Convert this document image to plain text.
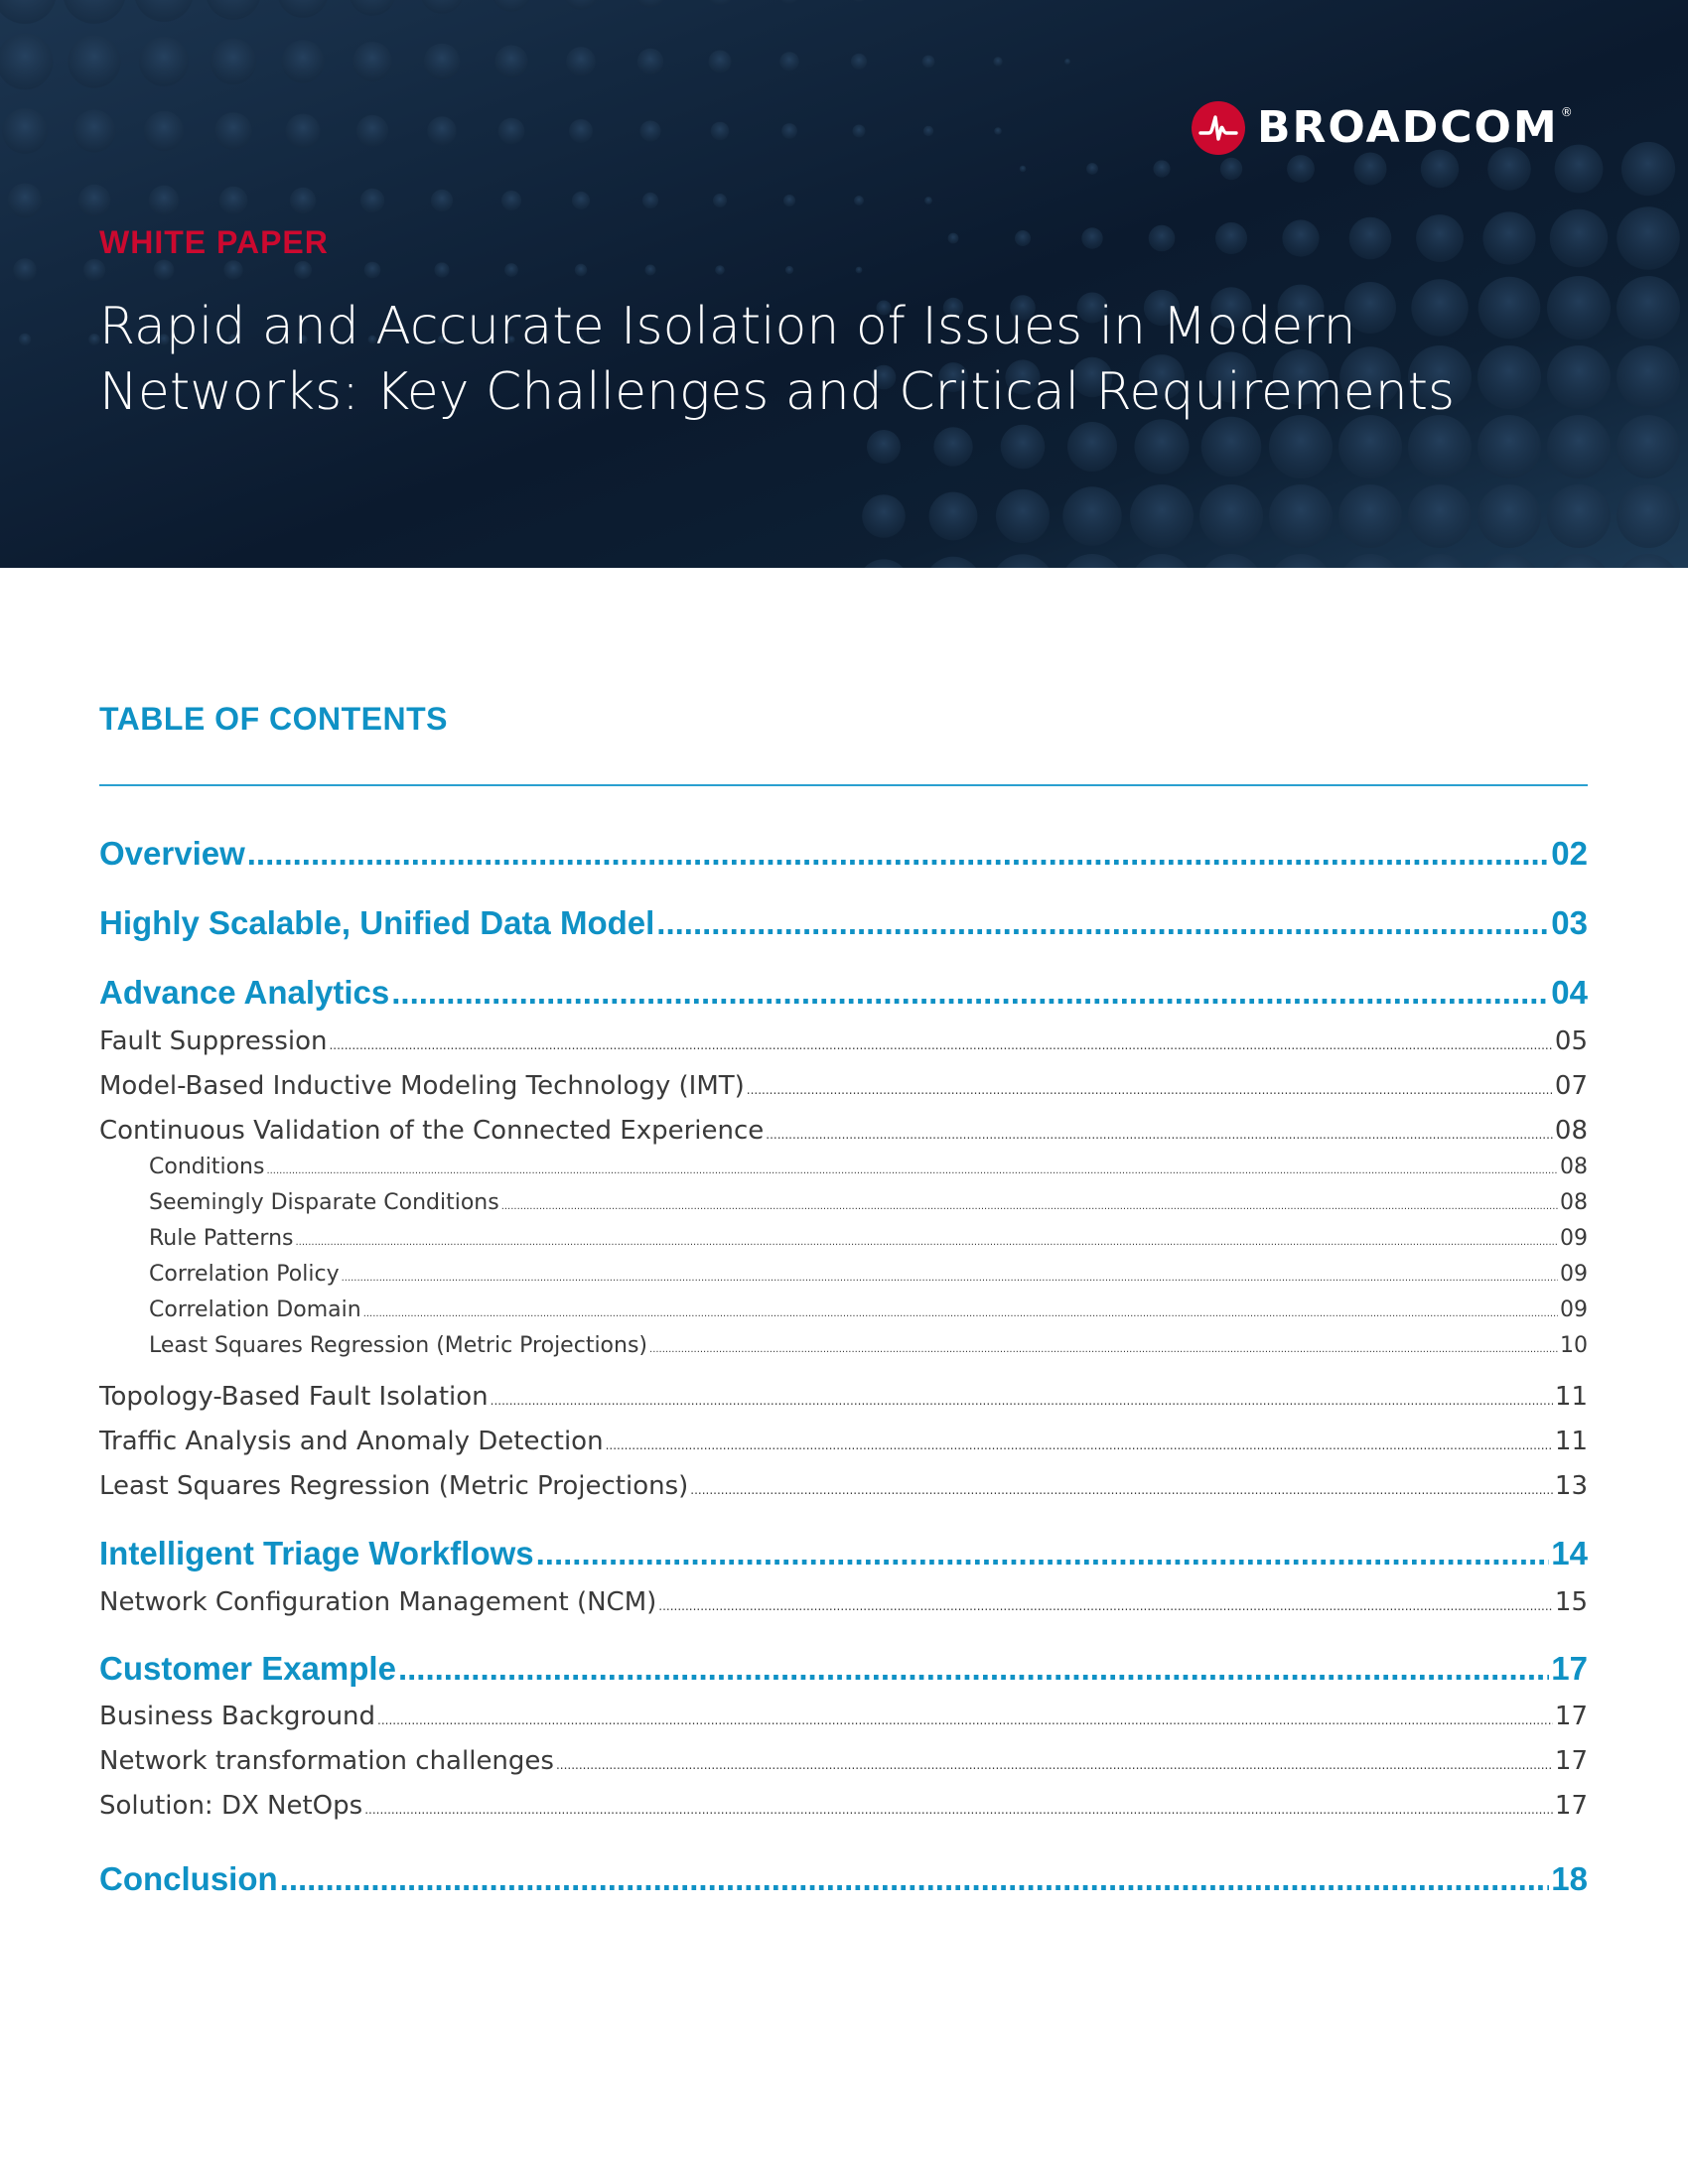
BROADCOM ®
WHITE PAPER
Rapid and Accurate Isolation of Issues in Modern
Networks: Key Challenges and Critical Requirements
TABLE OF CONTENTS
Overview .....	02
Highly Scalable, Unified Data Model .....	03
Advance Analytics .....	04
Fault Suppression .....	05
Model-Based Inductive Modeling Technology (IMT) .....	07
Continuous Validation of the Connected Experience .....	08
Conditions .....	08
Seemingly Disparate Conditions .....	08
Rule Patterns .....	09
Correlation Policy .....	09
Correlation Domain .....	09
Least Squares Regression (Metric Projections) .....	10
Topology-Based Fault Isolation .....	11
Traffic Analysis and Anomaly Detection .....	11
Least Squares Regression (Metric Projections) .....	13
Intelligent Triage Workflows .....	14
Network Configuration Management (NCM) .....	15
Customer Example .....	17
Business Background .....	17
Network transformation challenges .....	17
Solution: DX NetOps .....	17
Conclusion .....	18
